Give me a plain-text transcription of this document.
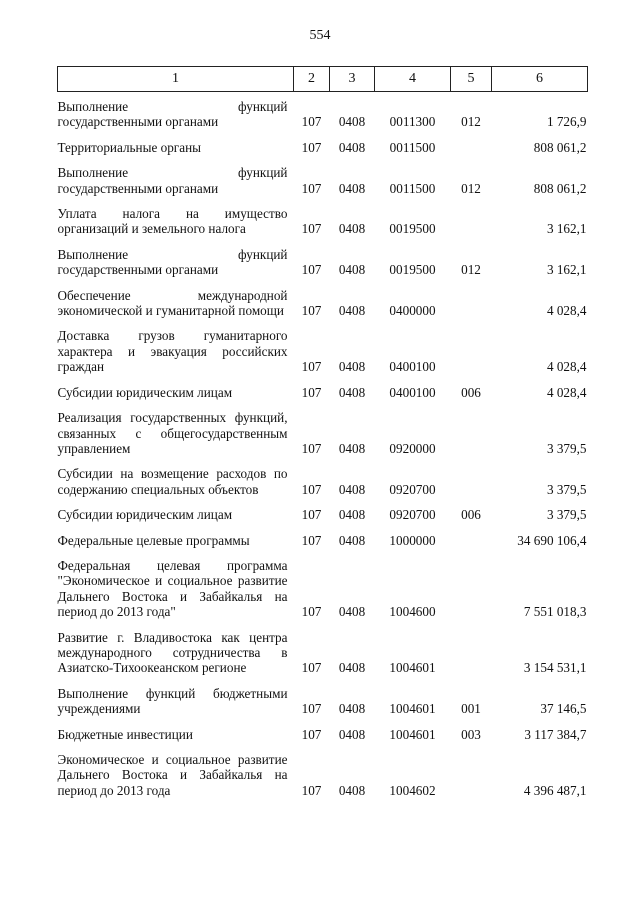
554
1	2	3	4	5	6
Выполнение функций государственными органами	107	0408	0011300	012	1 726,9
Территориальные органы	107	0408	0011500		808 061,2
Выполнение функций государственными органами	107	0408	0011500	012	808 061,2
Уплата налога на имущество организаций и земельного налога	107	0408	0019500		3 162,1
Выполнение функций государственными органами	107	0408	0019500	012	3 162,1
Обеспечение международной экономической и гуманитарной помощи	107	0408	0400000		4 028,4
Доставка грузов гуманитарного характера и эвакуация российских граждан	107	0408	0400100		4 028,4
Субсидии юридическим лицам	107	0408	0400100	006	4 028,4
Реализация государственных функций, связанных с общегосударственным управлением	107	0408	0920000		3 379,5
Субсидии на возмещение расходов по содержанию специальных объектов	107	0408	0920700		3 379,5
Субсидии юридическим лицам	107	0408	0920700	006	3 379,5
Федеральные целевые программы	107	0408	1000000		34 690 106,4
Федеральная целевая программа "Экономическое и социальное развитие Дальнего Востока и Забайкалья на период до 2013 года"	107	0408	1004600		7 551 018,3
Развитие г. Владивостока как центра международного сотрудничества в Азиатско-Тихоокеанском регионе	107	0408	1004601		3 154 531,1
Выполнение функций бюджетными учреждениями	107	0408	1004601	001	37 146,5
Бюджетные инвестиции	107	0408	1004601	003	3 117 384,7
Экономическое и социальное развитие Дальнего Востока и Забайкалья на период до 2013 года	107	0408	1004602		4 396 487,1
